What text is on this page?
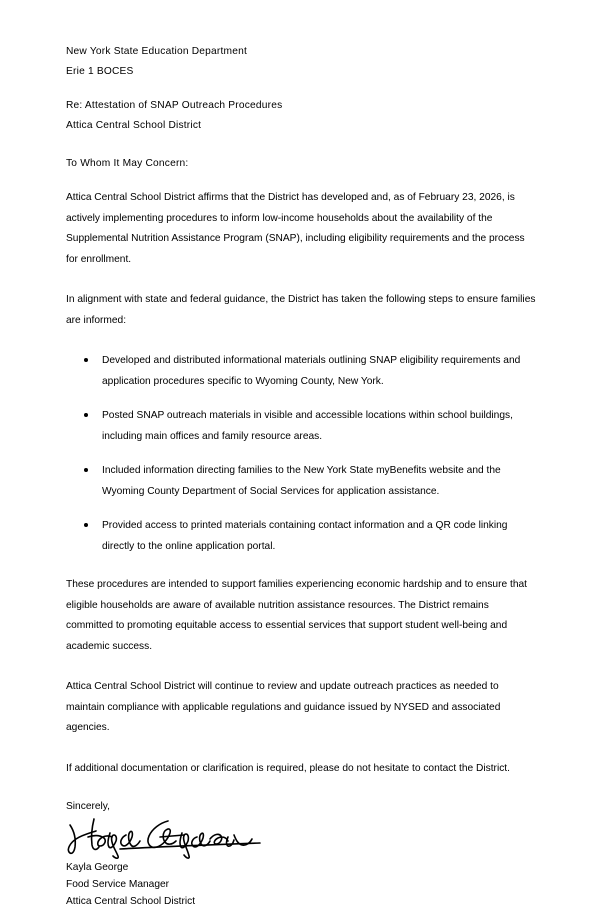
New York State Education Department
Erie 1 BOCES
Re: Attestation of SNAP Outreach Procedures
Attica Central School District
To Whom It May Concern:

Attica Central School District affirms that the District has developed and, as of February 23, 2026, is actively implementing procedures to inform low-income households about the availability of the Supplemental Nutrition Assistance Program (SNAP), including eligibility requirements and the process for enrollment.

In alignment with state and federal guidance, the District has taken the following steps to ensure families are informed:

Developed and distributed informational materials outlining SNAP eligibility requirements and application procedures specific to Wyoming County, New York.
Posted SNAP outreach materials in visible and accessible locations within school buildings, including main offices and family resource areas.
Included information directing families to the New York State myBenefits website and the Wyoming County Department of Social Services for application assistance.
Provided access to printed materials containing contact information and a QR code linking directly to the online application portal.

These procedures are intended to support families experiencing economic hardship and to ensure that eligible households are aware of available nutrition assistance resources. The District remains committed to promoting equitable access to essential services that support student well-being and academic success.

Attica Central School District will continue to review and update outreach practices as needed to maintain compliance with applicable regulations and guidance issued by NYSED and associated agencies.

If additional documentation or clarification is required, please do not hesitate to contact the District.

Sincerely,
Kayla George
Food Service Manager
Attica Central School District
